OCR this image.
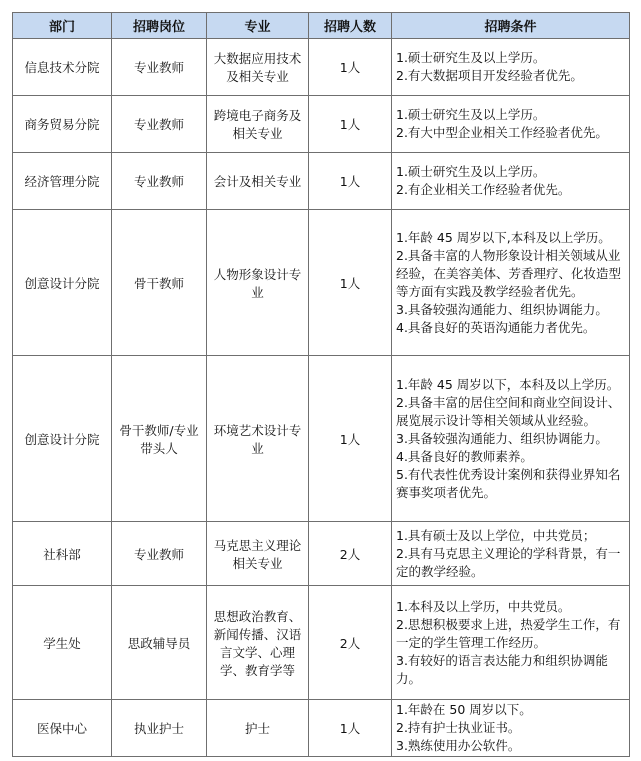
部门	招聘岗位	专业	招聘人数	招聘条件
信息技术分院	专业教师	大数据应用技术及相关专业	1人	1.硕士研究生及以上学历。
2.有大数据项目开发经验者优先。

商务贸易分院	专业教师	跨境电子商务及相关专业	1人	1.硕士研究生及以上学历。
2.有大中型企业相关工作经验者优先。

经济管理分院	专业教师	会计及相关专业	1人	1.硕士研究生及以上学历。
2.有企业相关工作经验者优先。

创意设计分院	骨干教师	人物形象设计专业	1人	1.年龄 45 周岁以下,本科及以上学历。
2.具备丰富的人物形象设计相关领域从业经验，在美容美体、芳香理疗、化妆造型等方面有实践及教学经验者优先。
3.具备较强沟通能力、组织协调能力。
4.具备良好的英语沟通能力者优先。

创意设计分院	骨干教师/专业带头人	环境艺术设计专业	1人	1.年龄 45 周岁以下，本科及以上学历。
2.具备丰富的居住空间和商业空间设计、展览展示设计等相关领域从业经验。
3.具备较强沟通能力、组织协调能力。
4.具备良好的教师素养。
5.有代表性优秀设计案例和获得业界知名赛事奖项者优先。

社科部	专业教师	马克思主义理论相关专业	2人	1.具有硕士及以上学位，中共党员；
2.具有马克思主义理论的学科背景，有一定的教学经验。

学生处	思政辅导员	思想政治教育、新闻传播、汉语言文学、心理学、教育学等	2人	1.本科及以上学历，中共党员。
2.思想积极要求上进，热爱学生工作，有一定的学生管理工作经历。
3.有较好的语言表达能力和组织协调能力。

医保中心	执业护士	护士	1人	1.年龄在 50 周岁以下。
2.持有护士执业证书。
3.熟练使用办公软件。
